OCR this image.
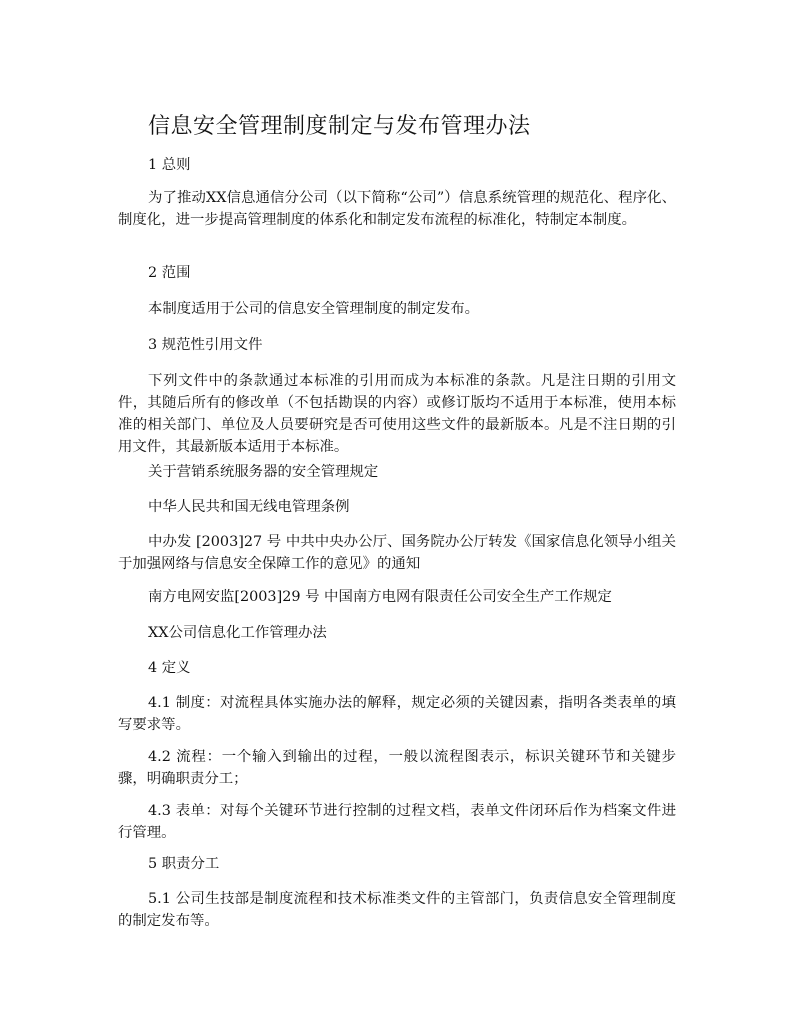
信息安全管理制度制定与发布管理办法

1 总则

为了推动XX信息通信分公司（以下简称“公司”）信息系统管理的规范化、程序化、制度化，进一步提高管理制度的体系化和制定发布流程的标准化，特制定本制度。

2 范围

本制度适用于公司的信息安全管理制度的制定发布。

3 规范性引用文件

下列文件中的条款通过本标准的引用而成为本标准的条款。凡是注日期的引用文件，其随后所有的修改单（不包括勘误的内容）或修订版均不适用于本标准，使用本标准的相关部门、单位及人员要研究是否可使用这些文件的最新版本。凡是不注日期的引用文件，其最新版本适用于本标准。

关于营销系统服务器的安全管理规定

中华人民共和国无线电管理条例

中办发 [2003]27 号 中共中央办公厅、国务院办公厅转发《国家信息化领导小组关于加强网络与信息安全保障工作的意见》的通知

南方电网安监[2003]29 号 中国南方电网有限责任公司安全生产工作规定

XX公司信息化工作管理办法

4 定义

4.1 制度：对流程具体实施办法的解释，规定必须的关键因素，指明各类表单的填写要求等。

4.2 流程：一个输入到输出的过程，一般以流程图表示，标识关键环节和关键步骤，明确职责分工；

4.3 表单：对每个关键环节进行控制的过程文档，表单文件闭环后作为档案文件进行管理。

5 职责分工

5.1 公司生技部是制度流程和技术标准类文件的主管部门，负责信息安全管理制度的制定发布等。
